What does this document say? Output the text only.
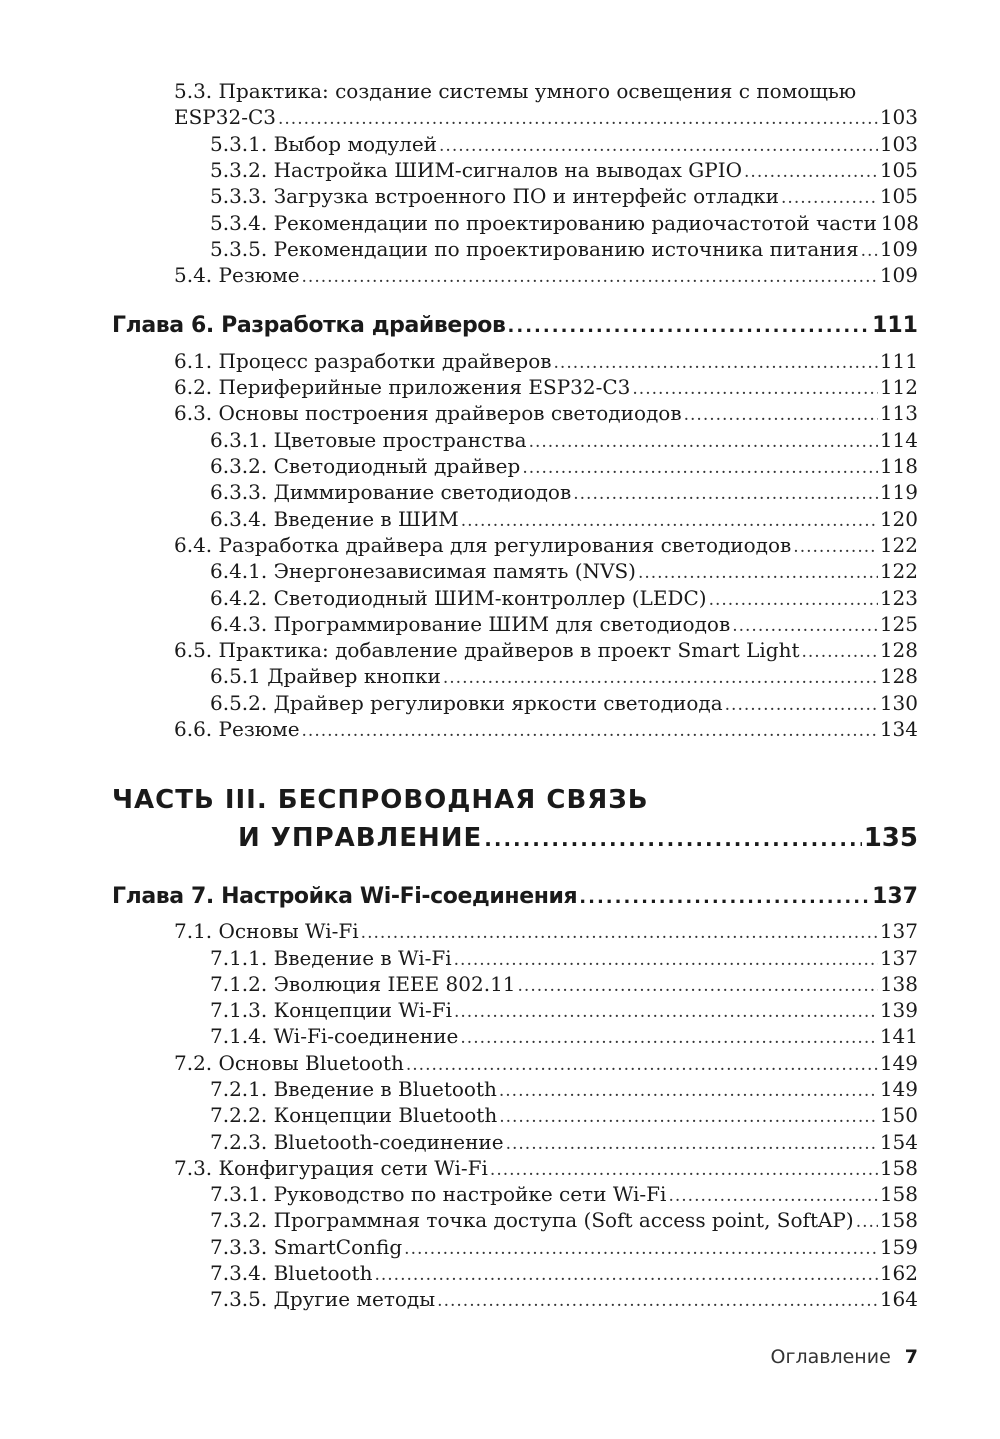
5.3. Практика: создание системы умного освещения с помощью
ESP32-C3 .....	103
5.3.1. Выбор модулей .....	103
5.3.2. Настройка ШИМ-сигналов на выводах GPIO .....	105
5.3.3. Загрузка встроенного ПО и интерфейс отладки .....	105
5.3.4. Рекомендации по проектированию радиочастотой части 108
5.3.5. Рекомендации по проектированию источника питания ..... 109
5.4. Резюме .....	109
Глава 6. Разработка драйверов .....	111
6.1. Процесс разработки драйверов .....	111
6.2. Периферийные приложения ESP32-C3 .....	112
6.3. Основы построения драйверов светодиодов .....	113
6.3.1. Цветовые пространства .....	114
6.3.2. Светодиодный драйвер .....	118
6.3.3. Диммирование светодиодов .....	119
6.3.4. Введение в ШИМ .....	120
6.4. Разработка драйвера для регулирования светодиодов .....	122
6.4.1. Энергонезависимая память (NVS) .....	122
6.4.2. Светодиодный ШИМ-контроллер (LEDC) .....	123
6.4.3. Программирование ШИМ для светодиодов .....	125
6.5. Практика: добавление драйверов в проект Smart Light .....	128
6.5.1 Драйвер кнопки .....	128
6.5.2. Драйвер регулировки яркости светодиода .....	130
6.6. Резюме .....	134
ЧАСТЬ III. БЕСПРОВОДНАЯ СВЯЗЬ
И УПРАВЛЕНИЕ .....	135
Глава 7. Настройка Wi-Fi-соединения .....	137
7.1. Основы Wi-Fi .....	137
7.1.1. Введение в Wi-Fi .....	137
7.1.2. Эволюция IEEE 802.11 .....	138
7.1.3. Концепции Wi-Fi .....	139
7.1.4. Wi-Fi-соединение .....	141
7.2. Основы Bluetooth .....	149
7.2.1. Введение в Bluetooth .....	149
7.2.2. Концепции Bluetooth .....	150
7.2.3. Bluetooth-соединение .....	154
7.3. Конфигурация сети Wi-Fi .....	158
7.3.1. Руководство по настройке сети Wi-Fi .....	158
7.3.2. Программная точка доступа (Soft access point, SoftAP) ..... 158
7.3.3. SmartConfig .....	159
7.3.4. Bluetooth .....	162
7.3.5. Другие методы .....	164
Оглавление 7
